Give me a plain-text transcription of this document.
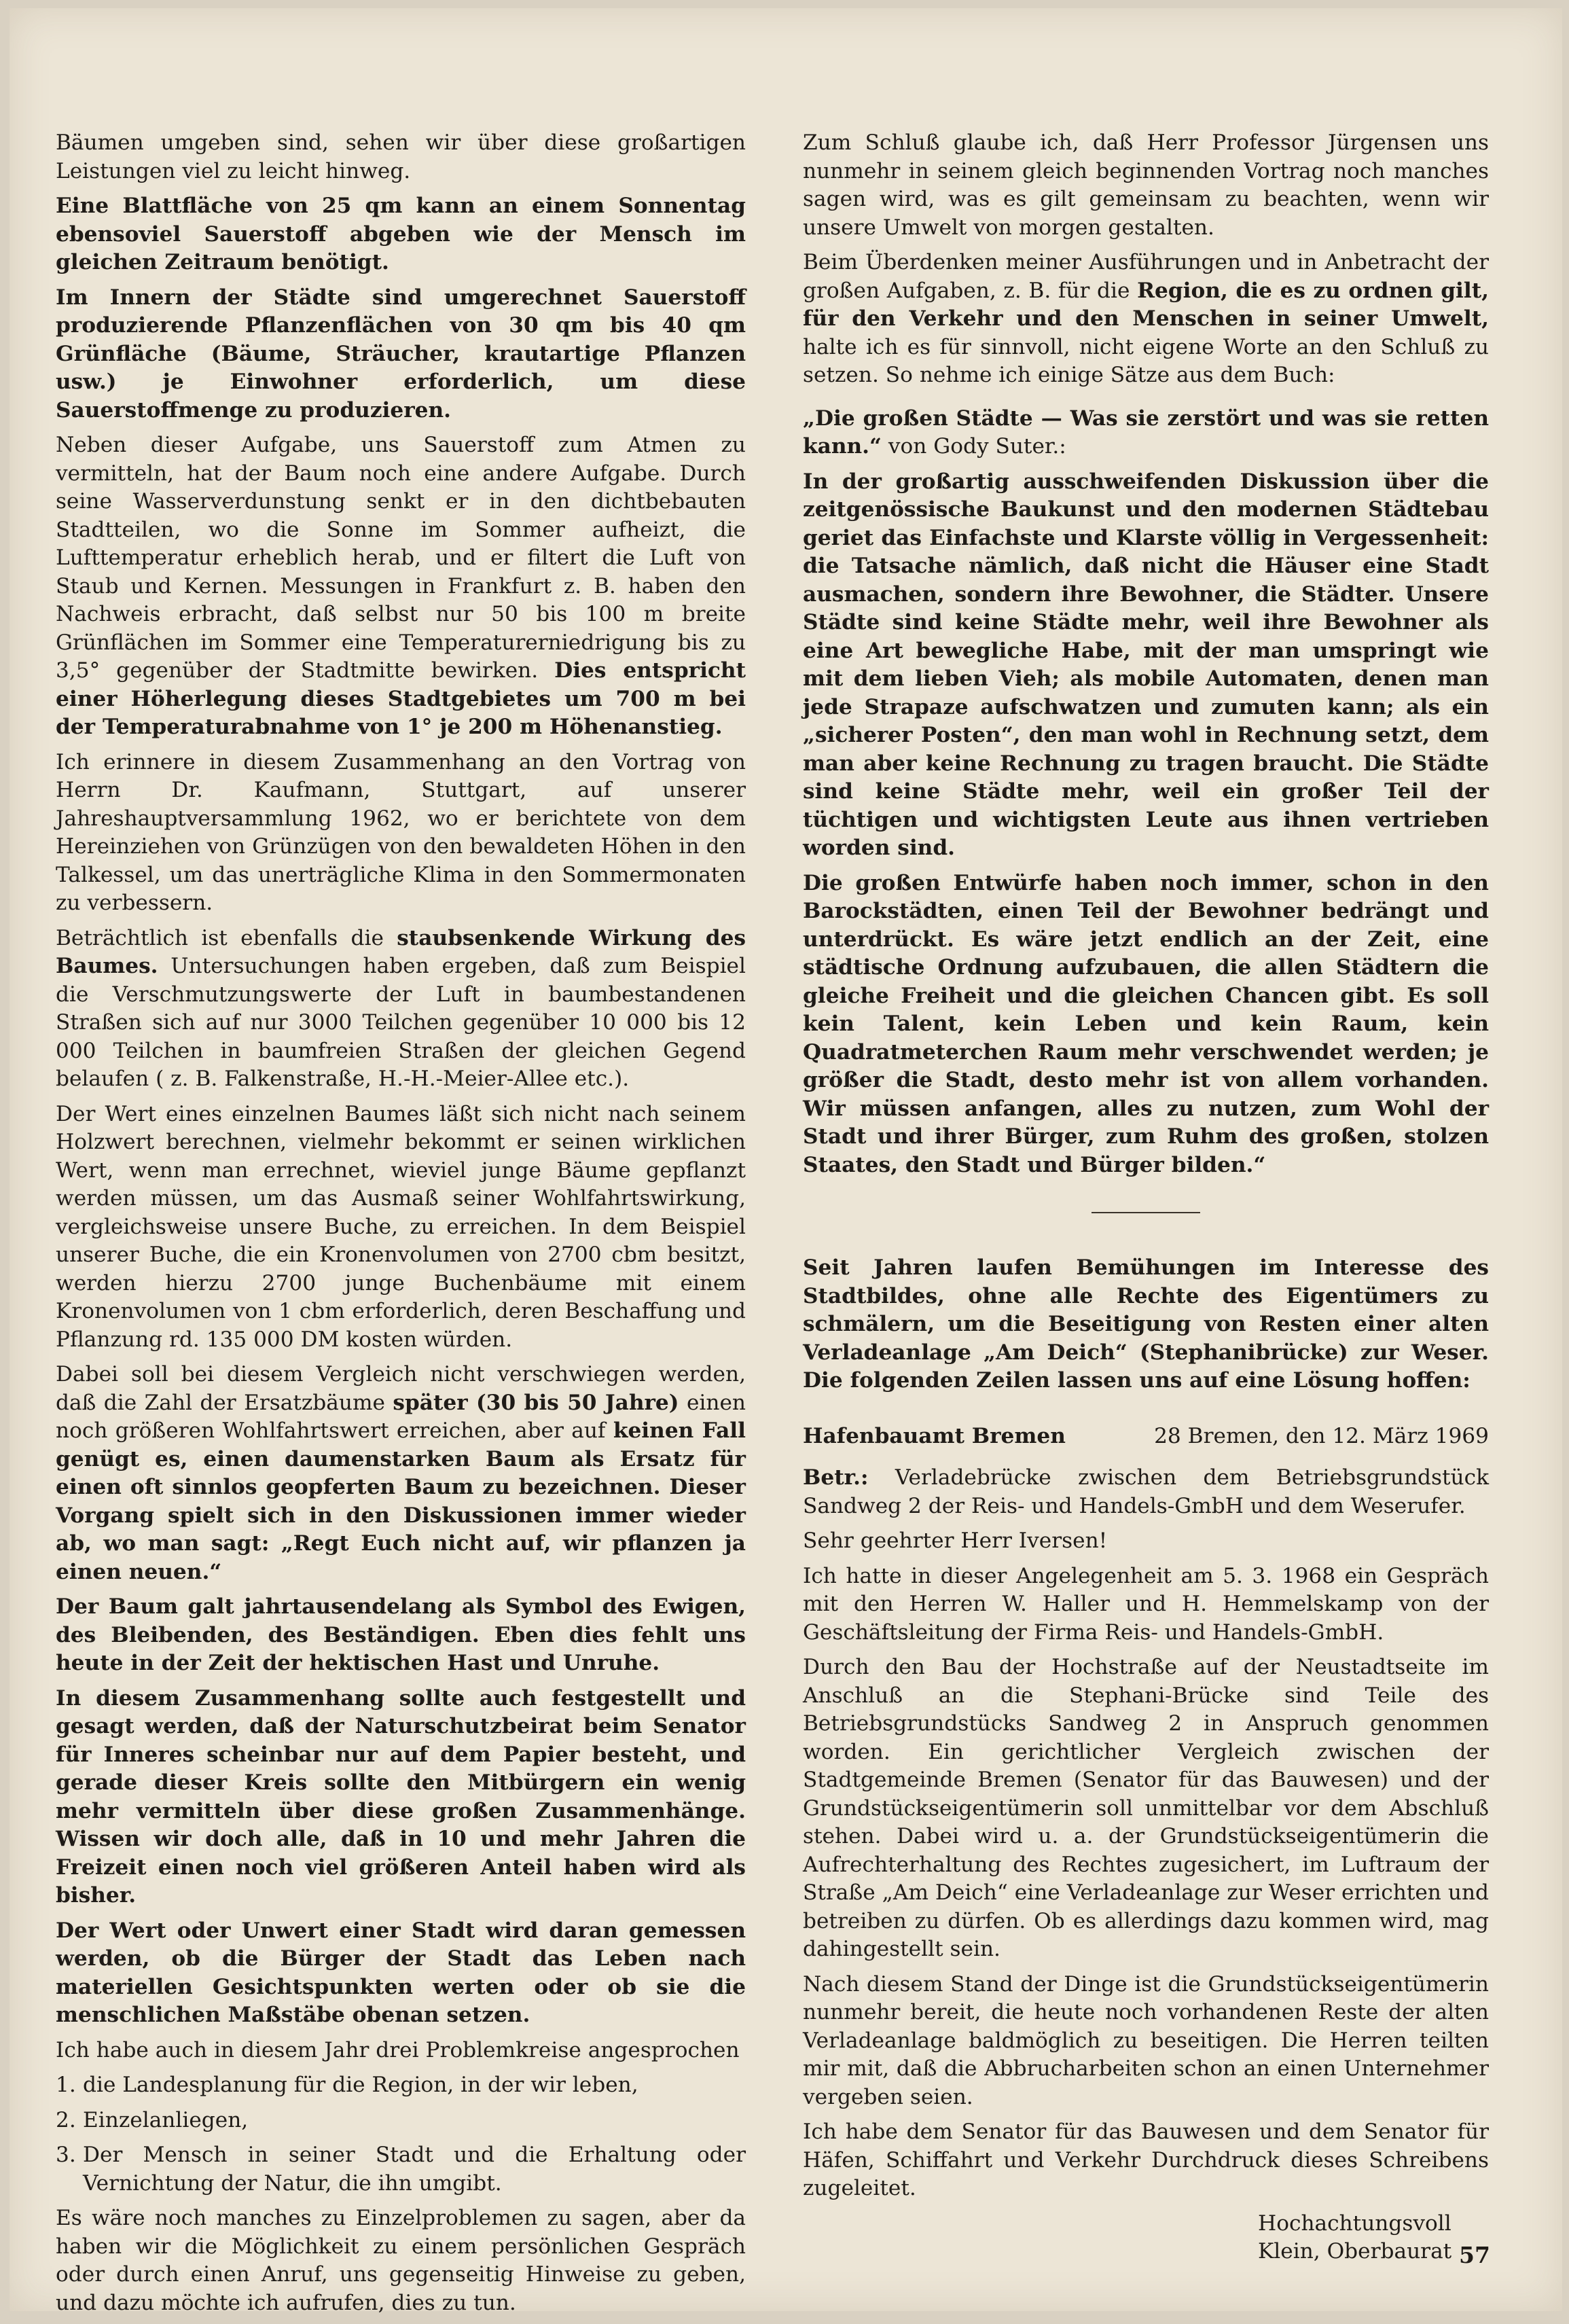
Bäumen umgeben sind, sehen wir über diese großartigen Leistungen viel zu leicht hinweg.

Eine Blattfläche von 25 qm kann an einem Sonnentag ebensoviel Sauerstoff abgeben wie der Mensch im gleichen Zeitraum benötigt.

Im Innern der Städte sind umgerechnet Sauerstoff produzierende Pflanzenflächen von 30 qm bis 40 qm Grünfläche (Bäume, Sträucher, krautartige Pflanzen usw.) je Einwohner erforderlich, um diese Sauerstoffmenge zu produzieren.

Neben dieser Aufgabe, uns Sauerstoff zum Atmen zu vermitteln, hat der Baum noch eine andere Aufgabe. Durch seine Wasserverdunstung senkt er in den dichtbebauten Stadtteilen, wo die Sonne im Sommer aufheizt, die Lufttemperatur erheblich herab, und er filtert die Luft von Staub und Kernen. Messungen in Frankfurt z. B. haben den Nachweis erbracht, daß selbst nur 50 bis 100 m breite Grünflächen im Sommer eine Temperaturerniedrigung bis zu 3,5° gegenüber der Stadtmitte bewirken. Dies entspricht einer Höherlegung dieses Stadtgebietes um 700 m bei der Temperaturabnahme von 1° je 200 m Höhenanstieg.

Ich erinnere in diesem Zusammenhang an den Vortrag von Herrn Dr. Kaufmann, Stuttgart, auf unserer Jahreshauptversammlung 1962, wo er berichtete von dem Hereinziehen von Grünzügen von den bewaldeten Höhen in den Talkessel, um das unerträgliche Klima in den Sommermonaten zu verbessern.

Beträchtlich ist ebenfalls die staubsenkende Wirkung des Baumes. Untersuchungen haben ergeben, daß zum Beispiel die Verschmutzungswerte der Luft in baumbestandenen Straßen sich auf nur 3000 Teilchen gegenüber 10 000 bis 12 000 Teilchen in baumfreien Straßen der gleichen Gegend belaufen ( z. B. Falkenstraße, H.-H.-Meier-Allee etc.).

Der Wert eines einzelnen Baumes läßt sich nicht nach seinem Holzwert berechnen, vielmehr bekommt er seinen wirklichen Wert, wenn man errechnet, wieviel junge Bäume gepflanzt werden müssen, um das Ausmaß seiner Wohlfahrtswirkung, vergleichsweise unsere Buche, zu erreichen. In dem Beispiel unserer Buche, die ein Kronenvolumen von 2700 cbm besitzt, werden hierzu 2700 junge Buchenbäume mit einem Kronenvolumen von 1 cbm erforderlich, deren Beschaffung und Pflanzung rd. 135 000 DM kosten würden.

Dabei soll bei diesem Vergleich nicht verschwiegen werden, daß die Zahl der Ersatzbäume später (30 bis 50 Jahre) einen noch größeren Wohlfahrtswert erreichen, aber auf keinen Fall genügt es, einen daumenstarken Baum als Ersatz für einen oft sinnlos geopferten Baum zu bezeichnen. Dieser Vorgang spielt sich in den Diskussionen immer wieder ab, wo man sagt: „Regt Euch nicht auf, wir pflanzen ja einen neuen.“

Der Baum galt jahrtausendelang als Symbol des Ewigen, des Bleibenden, des Beständigen. Eben dies fehlt uns heute in der Zeit der hektischen Hast und Unruhe.

In diesem Zusammenhang sollte auch festgestellt und gesagt werden, daß der Naturschutzbeirat beim Senator für Inneres scheinbar nur auf dem Papier besteht, und gerade dieser Kreis sollte den Mitbürgern ein wenig mehr vermitteln über diese großen Zusammenhänge. Wissen wir doch alle, daß in 10 und mehr Jahren die Freizeit einen noch viel größeren Anteil haben wird als bisher.

Der Wert oder Unwert einer Stadt wird daran gemessen werden, ob die Bürger der Stadt das Leben nach materiellen Gesichtspunkten werten oder ob sie die menschlichen Maßstäbe obenan setzen.

Ich habe auch in diesem Jahr drei Problemkreise angesprochen

1. die Landesplanung für die Region, in der wir leben,
2. Einzelanliegen,
3. Der Mensch in seiner Stadt und die Erhaltung oder Vernichtung der Natur, die ihn umgibt.

Es wäre noch manches zu Einzelproblemen zu sagen, aber da haben wir die Möglichkeit zu einem persönlichen Gespräch oder durch einen Anruf, uns gegenseitig Hinweise zu geben, und dazu möchte ich aufrufen, dies zu tun.

Zum Schluß glaube ich, daß Herr Professor Jürgensen uns nunmehr in seinem gleich beginnenden Vortrag noch manches sagen wird, was es gilt gemeinsam zu beachten, wenn wir unsere Umwelt von morgen gestalten.

Beim Überdenken meiner Ausführungen und in Anbetracht der großen Aufgaben, z. B. für die Region, die es zu ordnen gilt, für den Verkehr und den Menschen in seiner Umwelt, halte ich es für sinnvoll, nicht eigene Worte an den Schluß zu setzen. So nehme ich einige Sätze aus dem Buch:

„Die großen Städte — Was sie zerstört und was sie retten kann.“ von Gody Suter.:

In der großartig ausschweifenden Diskussion über die zeitgenössische Baukunst und den modernen Städtebau geriet das Einfachste und Klarste völlig in Vergessenheit: die Tatsache nämlich, daß nicht die Häuser eine Stadt ausmachen, sondern ihre Bewohner, die Städter. Unsere Städte sind keine Städte mehr, weil ihre Bewohner als eine Art bewegliche Habe, mit der man umspringt wie mit dem lieben Vieh; als mobile Automaten, denen man jede Strapaze aufschwatzen und zumuten kann; als ein „sicherer Posten“, den man wohl in Rechnung setzt, dem man aber keine Rechnung zu tragen braucht. Die Städte sind keine Städte mehr, weil ein großer Teil der tüchtigen und wichtigsten Leute aus ihnen vertrieben worden sind.

Die großen Entwürfe haben noch immer, schon in den Barockstädten, einen Teil der Bewohner bedrängt und unterdrückt. Es wäre jetzt endlich an der Zeit, eine städtische Ordnung aufzubauen, die allen Städtern die gleiche Freiheit und die gleichen Chancen gibt. Es soll kein Talent, kein Leben und kein Raum, kein Quadratmeterchen Raum mehr verschwendet werden; je größer die Stadt, desto mehr ist von allem vorhanden. Wir müssen anfangen, alles zu nutzen, zum Wohl der Stadt und ihrer Bürger, zum Ruhm des großen, stolzen Staates, den Stadt und Bürger bilden.“

Seit Jahren laufen Bemühungen im Interesse des Stadtbildes, ohne alle Rechte des Eigentümers zu schmälern, um die Beseitigung von Resten einer alten Verladeanlage „Am Deich“ (Stephanibrücke) zur Weser. Die folgenden Zeilen lassen uns auf eine Lösung hoffen:

Hafenbauamt Bremen	28 Bremen, den 12. März 1969

Betr.: Verladebrücke zwischen dem Betriebsgrundstück Sandweg 2 der Reis- und Handels-GmbH und dem Weserufer.

Sehr geehrter Herr Iversen!

Ich hatte in dieser Angelegenheit am 5. 3. 1968 ein Gespräch mit den Herren W. Haller und H. Hemmelskamp von der Geschäftsleitung der Firma Reis- und Handels-GmbH.

Durch den Bau der Hochstraße auf der Neustadtseite im Anschluß an die Stephani-Brücke sind Teile des Betriebsgrundstücks Sandweg 2 in Anspruch genommen worden. Ein gerichtlicher Vergleich zwischen der Stadtgemeinde Bremen (Senator für das Bauwesen) und der Grundstückseigentümerin soll unmittelbar vor dem Abschluß stehen. Dabei wird u. a. der Grundstückseigentümerin die Aufrechterhaltung des Rechtes zugesichert, im Luftraum der Straße „Am Deich“ eine Verladeanlage zur Weser errichten und betreiben zu dürfen. Ob es allerdings dazu kommen wird, mag dahingestellt sein.

Nach diesem Stand der Dinge ist die Grundstückseigentümerin nunmehr bereit, die heute noch vorhandenen Reste der alten Verladeanlage baldmöglich zu beseitigen. Die Herren teilten mir mit, daß die Abbrucharbeiten schon an einen Unternehmer vergeben seien.

Ich habe dem Senator für das Bauwesen und dem Senator für Häfen, Schiffahrt und Verkehr Durchdruck dieses Schreibens zugeleitet.

Hochachtungsvoll
Klein, Oberbaurat 57
